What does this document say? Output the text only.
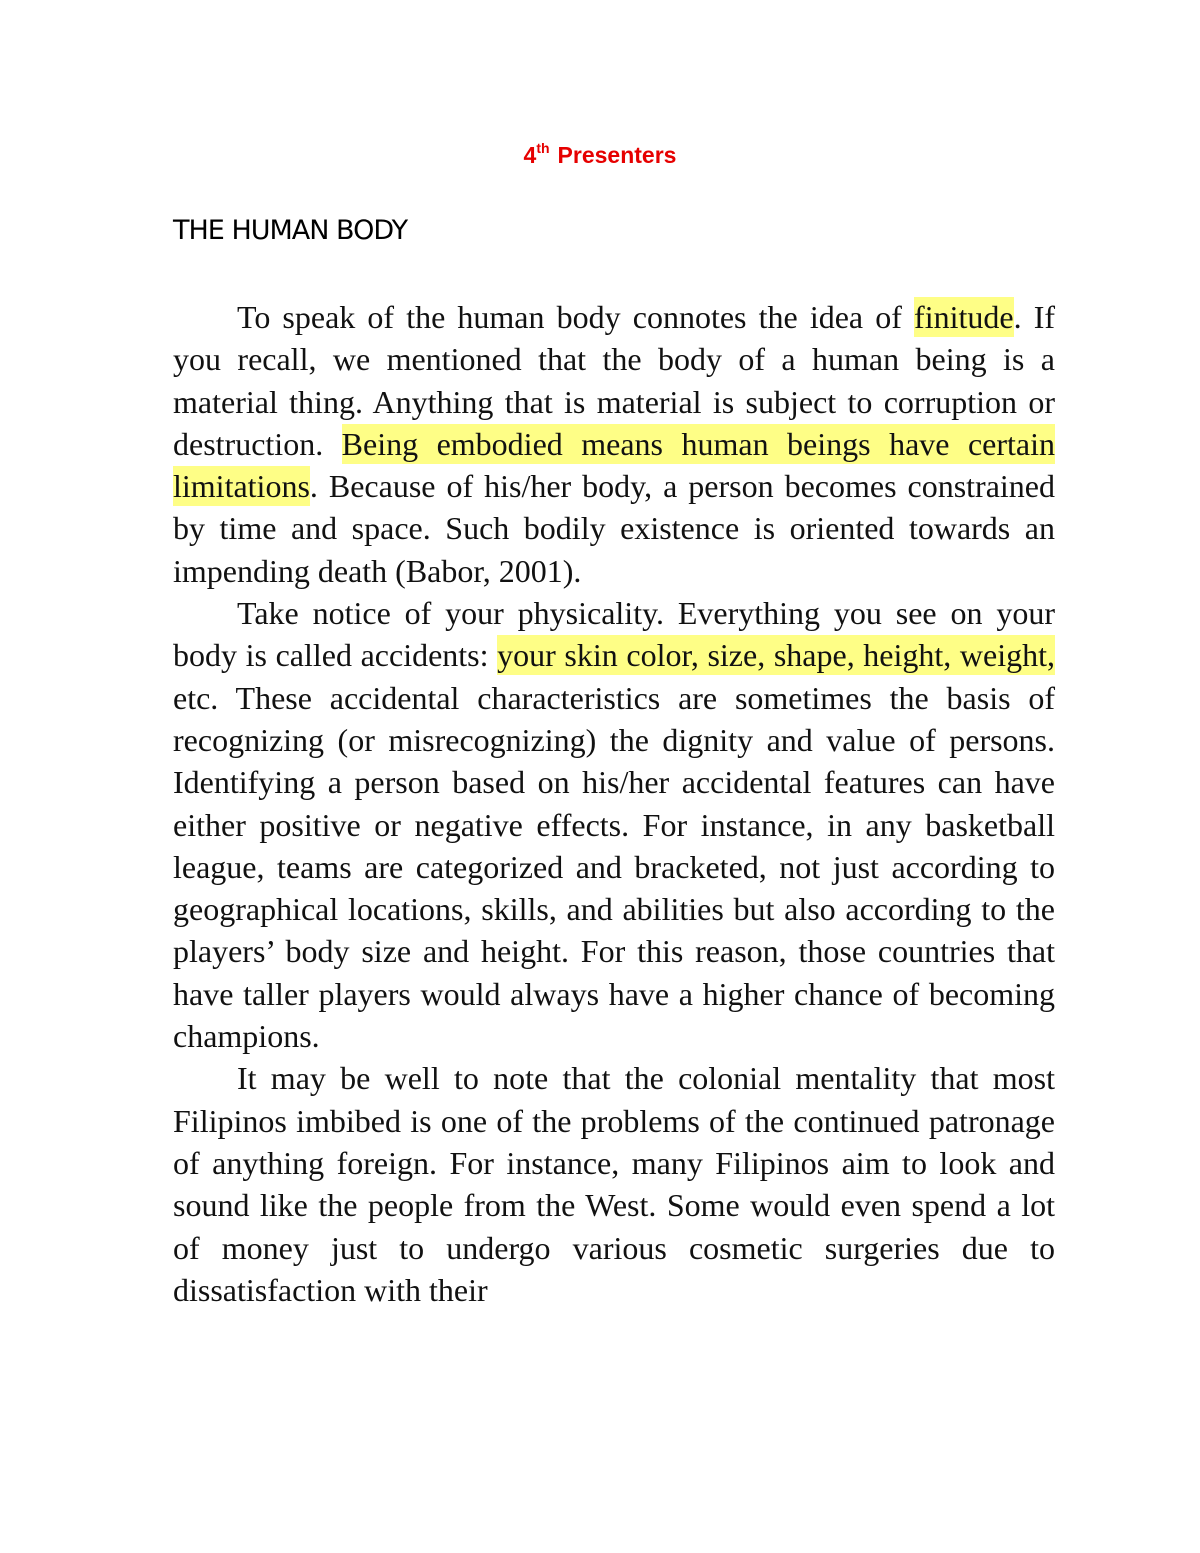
4th Presenters
THE HUMAN BODY

To speak of the human body connotes the idea of finitude. If you recall, we mentioned that the body of a human being is a material thing. Anything that is material is subject to corruption or destruction. Being embodied means human beings have certain limitations. Because of his/her body, a person becomes constrained by time and space. Such bodily existence is oriented towards an impending death (Babor, 2001).

Take notice of your physicality. Everything you see on your body is called accidents: your skin color, size, shape, height, weight, etc. These accidental characteristics are sometimes the basis of recognizing (or misrecognizing) the dignity and value of persons. Identifying a person based on his/her accidental features can have either positive or negative effects. For instance, in any basketball league, teams are categorized and bracketed, not just according to geographical locations, skills, and abilities but also according to the players’ body size and height. For this reason, those countries that have taller players would always have a higher chance of becoming champions.

It may be well to note that the colonial mentality that most Filipinos imbibed is one of the problems of the continued patronage of anything foreign. For instance, many Filipinos aim to look and sound like the people from the West. Some would even spend a lot of money just to undergo various cosmetic surgeries due to dissatisfaction with their
